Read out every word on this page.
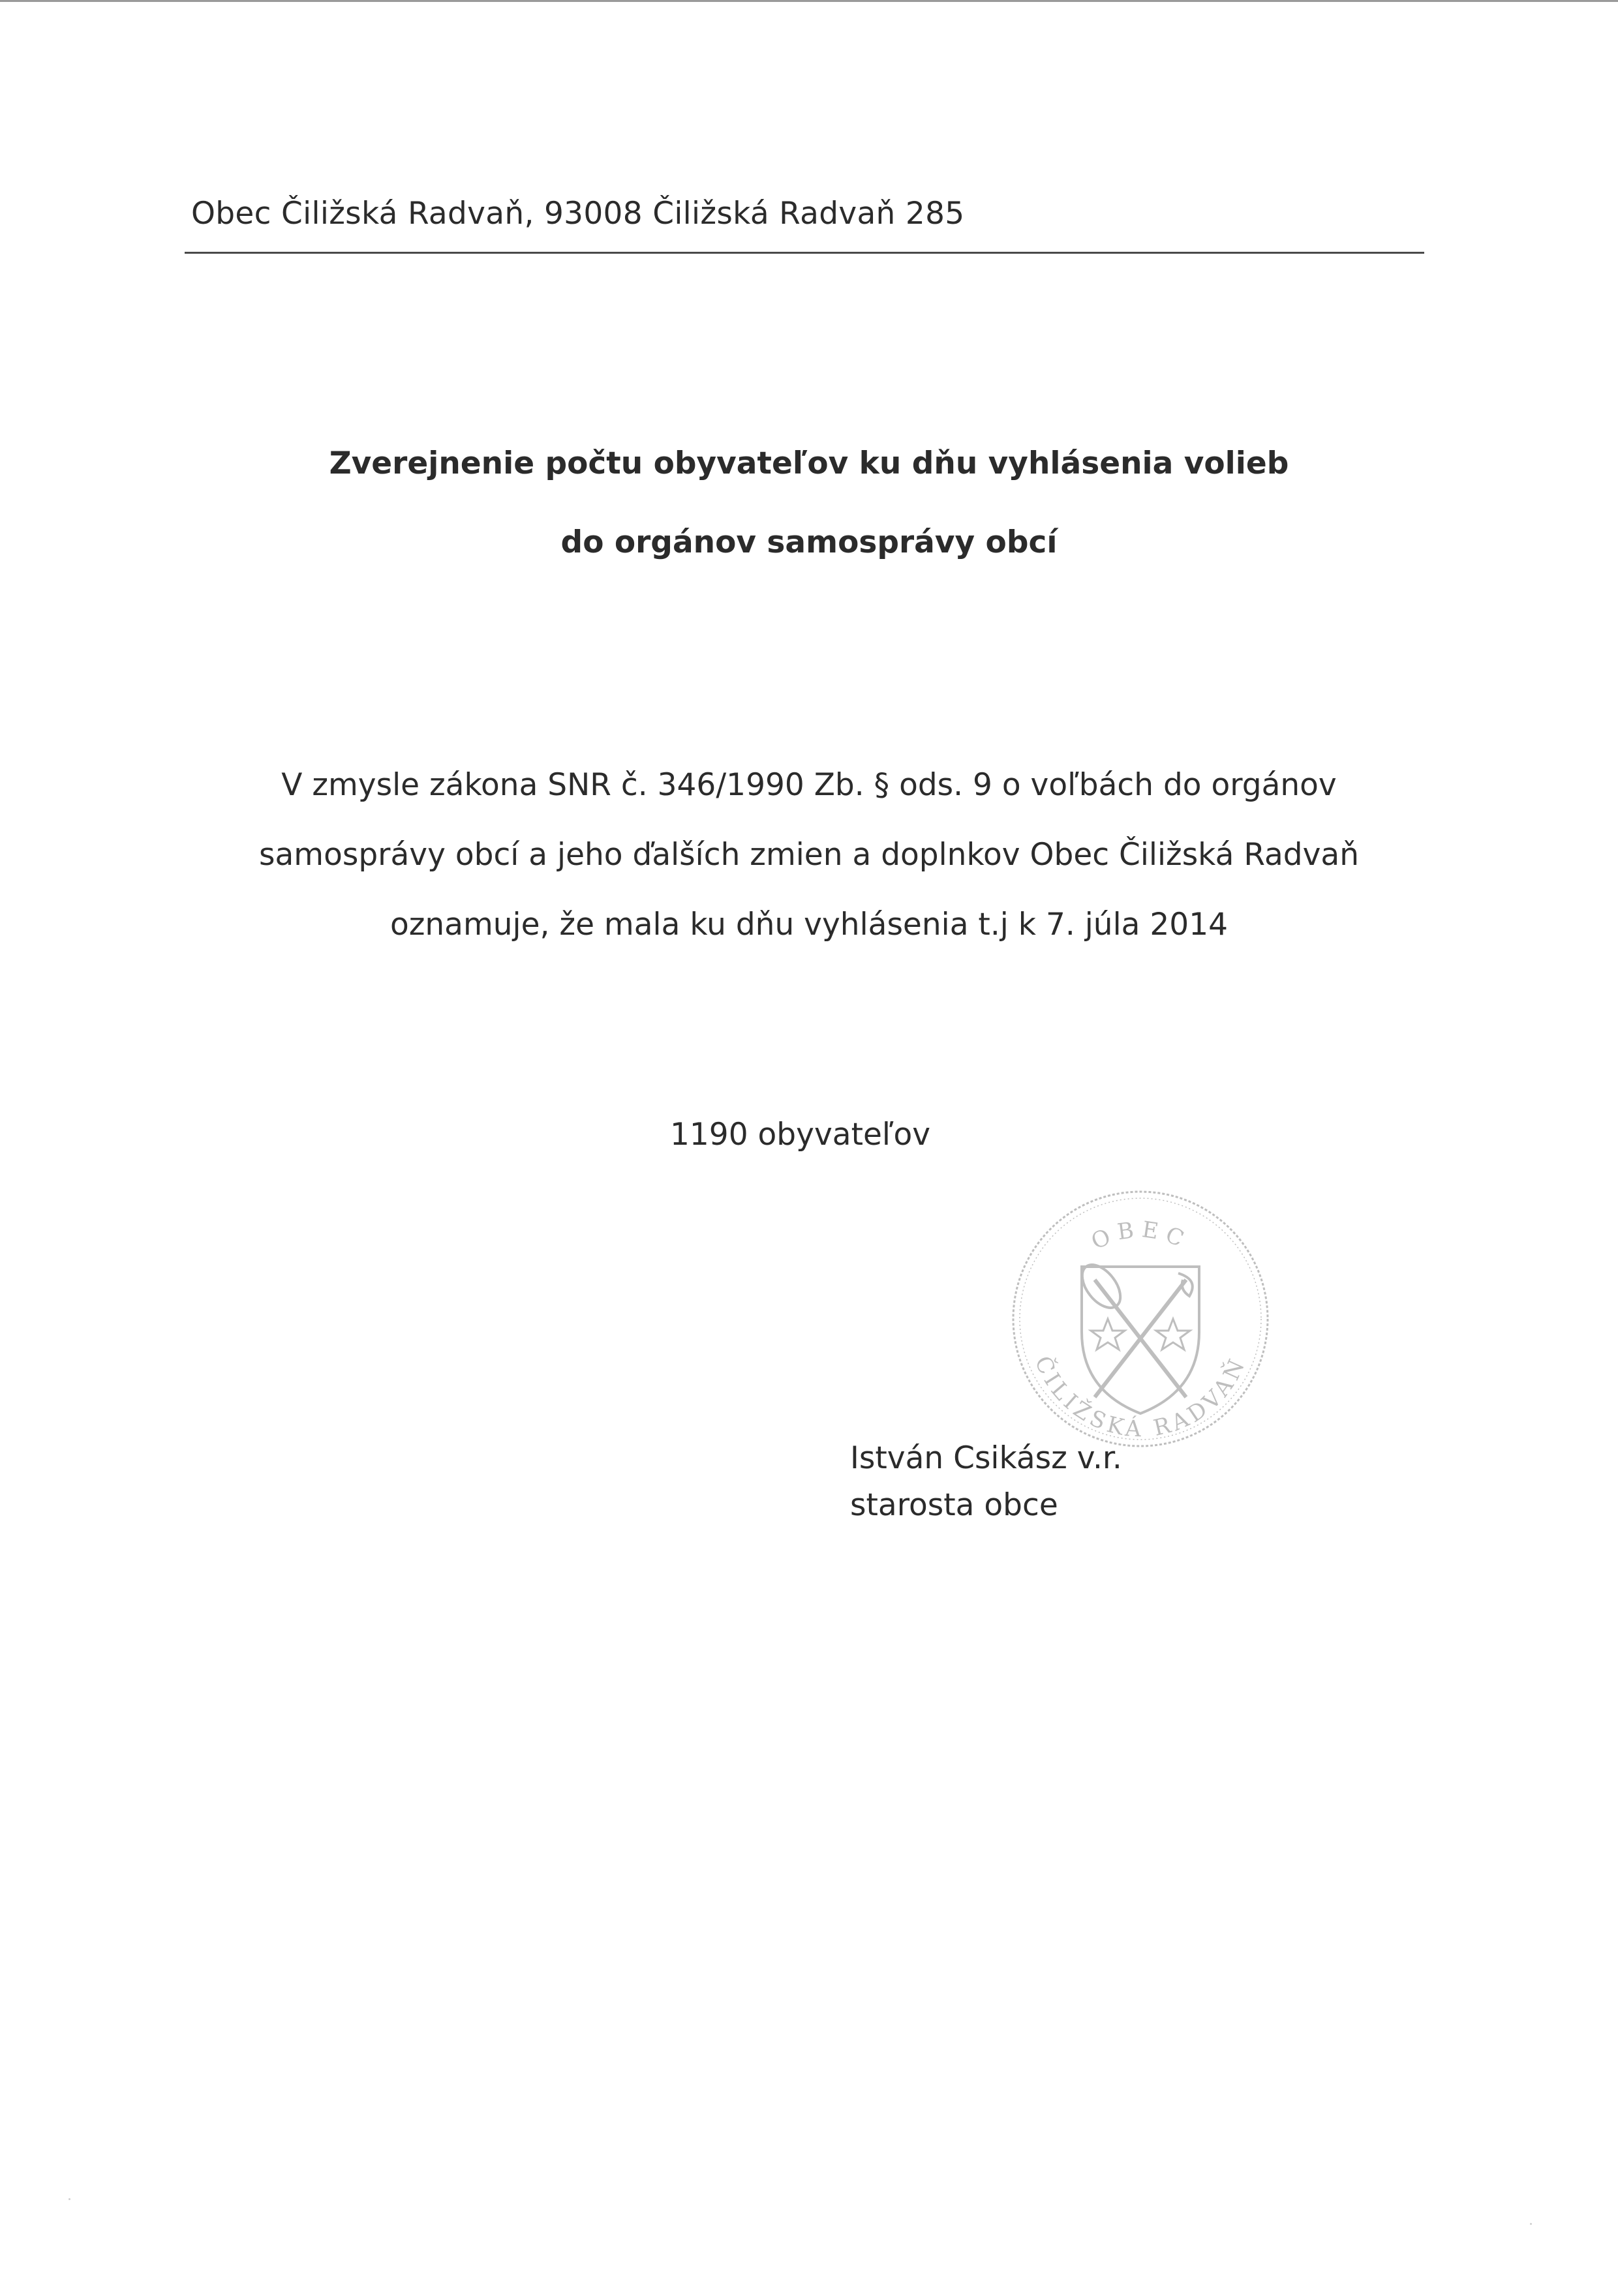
Obec Čiližská Radvaň, 93008 Čiližská Radvaň 285
Zverejnenie počtu obyvateľov ku dňu vyhlásenia volieb
do orgánov samosprávy obcí
V zmysle zákona SNR č. 346/1990 Zb. § ods. 9 o voľbách do orgánov
samosprávy obcí a jeho ďalších zmien a doplnkov Obec Čiližská Radvaň
oznamuje, že mala ku dňu vyhlásenia t.j k 7. júla 2014
1190 obyvateľov
OBEC
ČILIŽSKÁ RADVAŇ
István Csikász v.r.
starosta obce
